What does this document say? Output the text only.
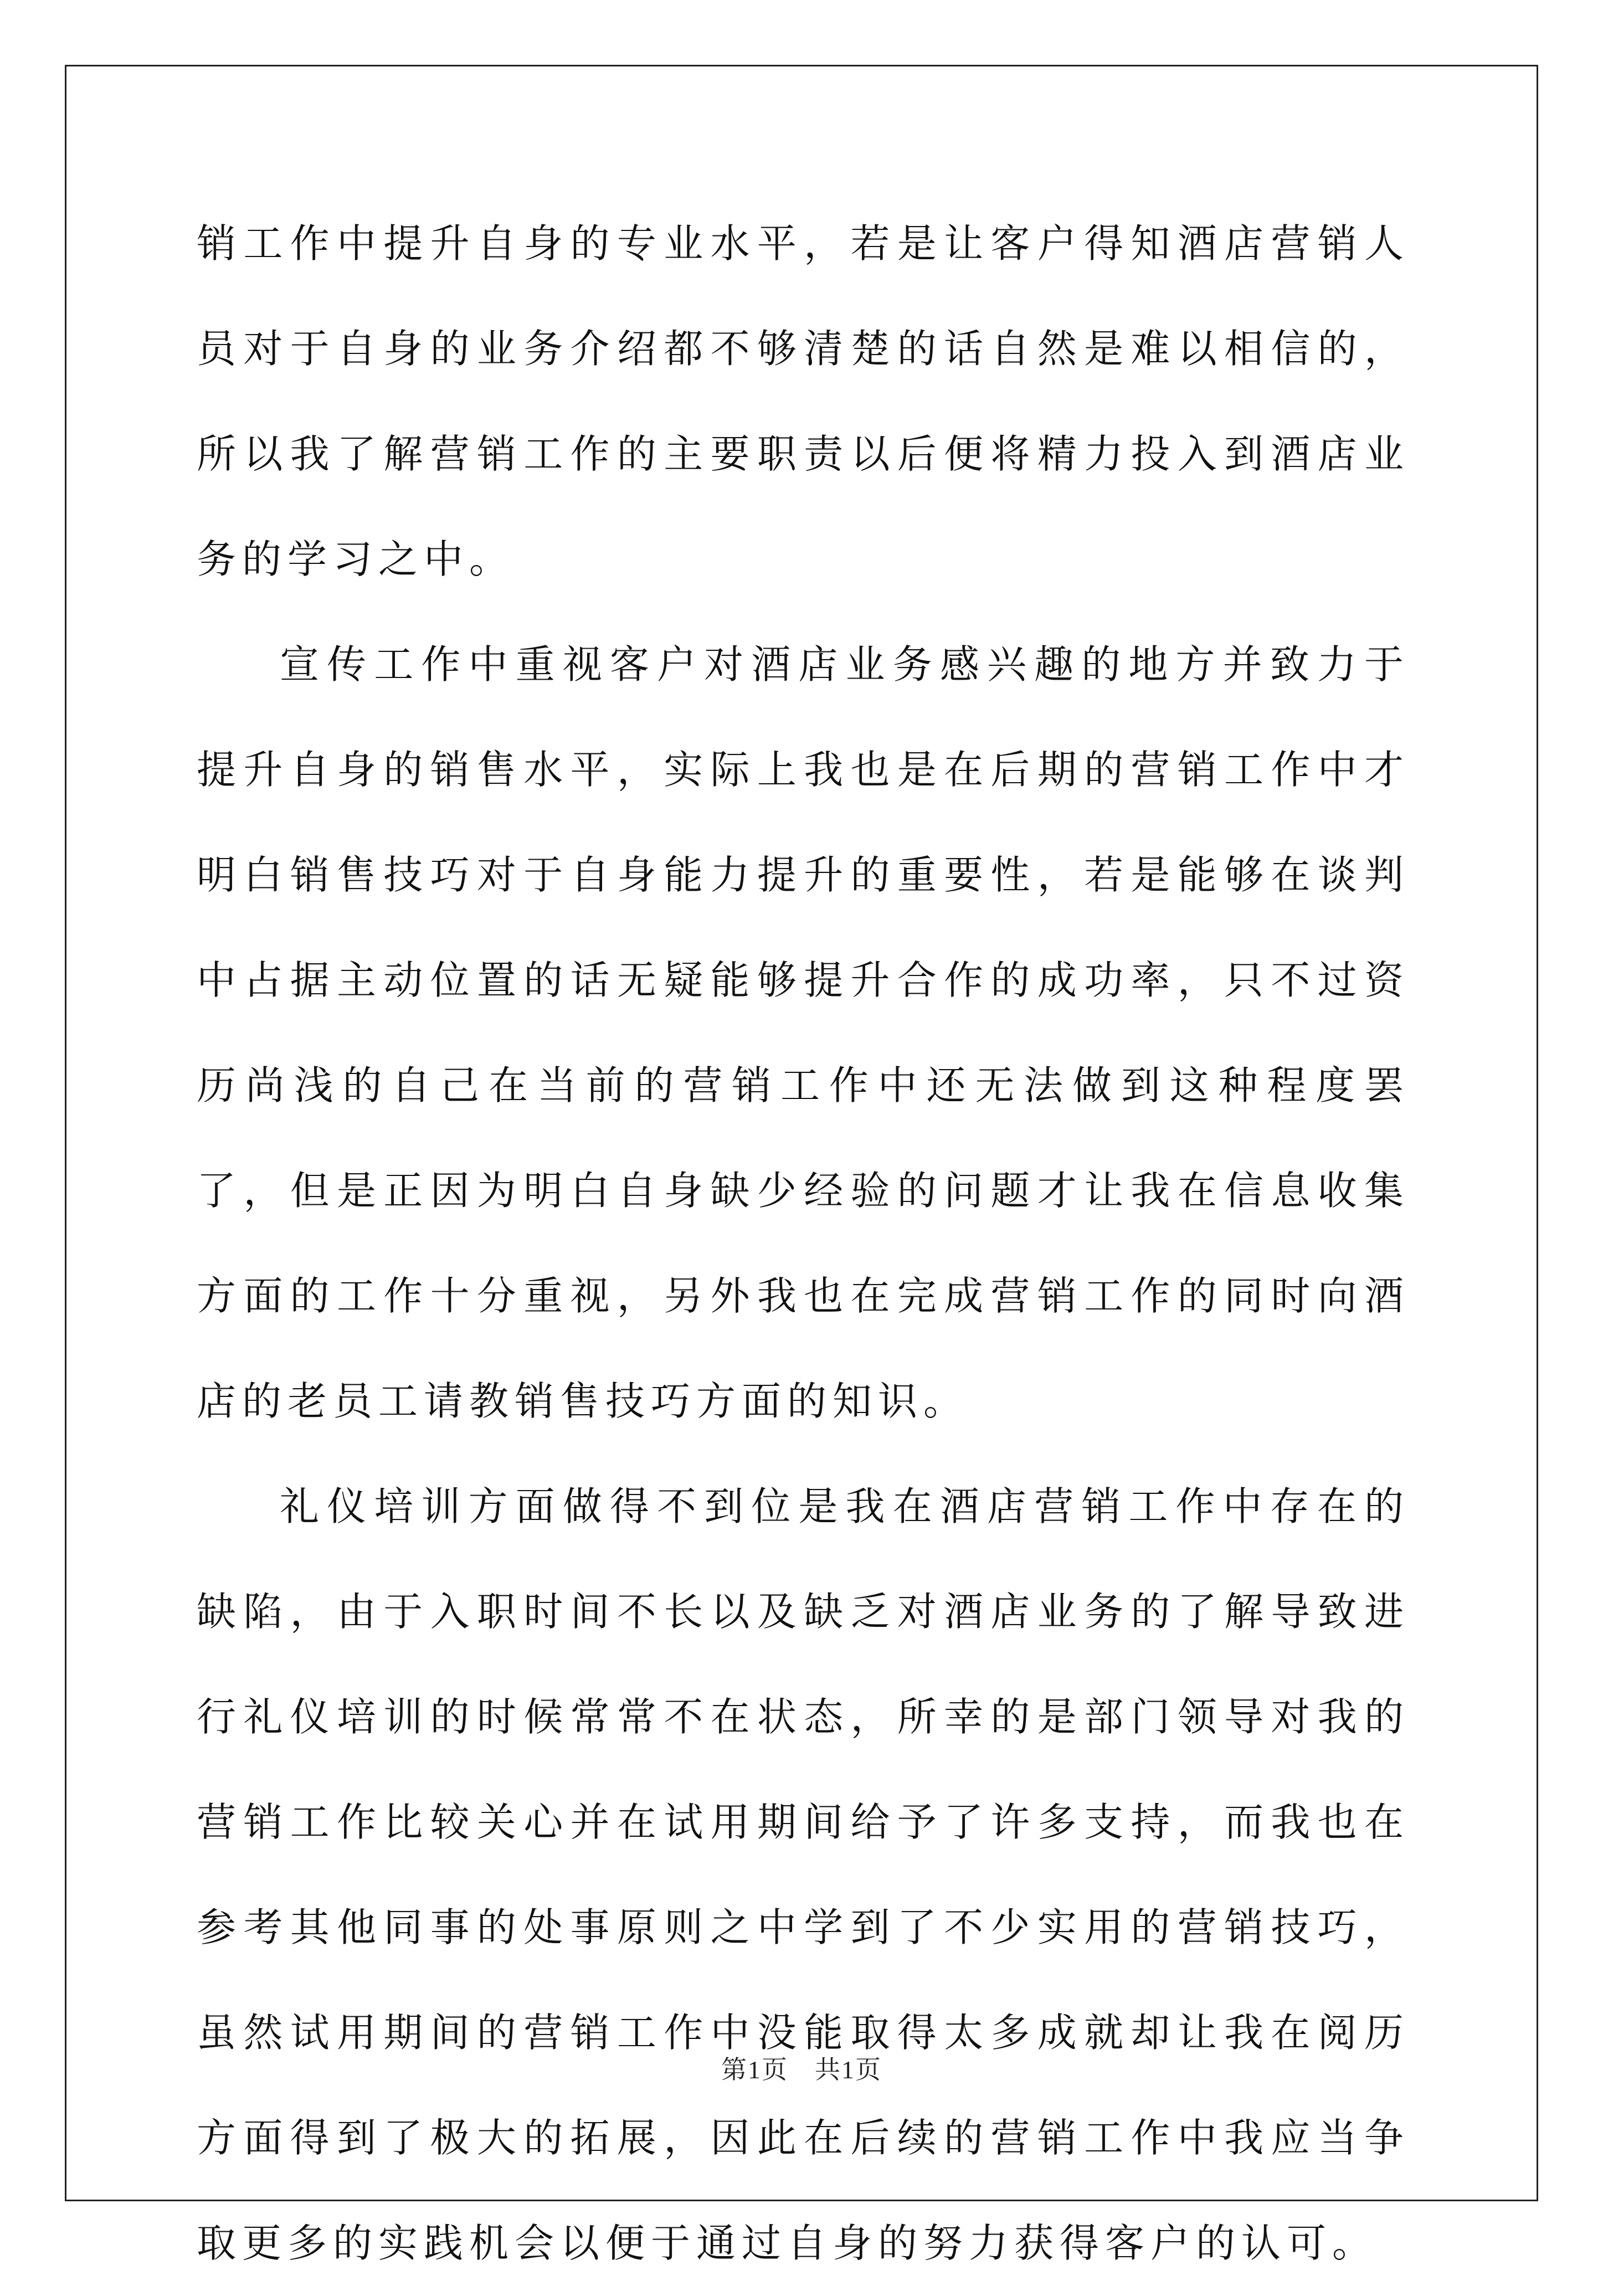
销工作中提升自身的专业水平，若是让客户得知酒店营销人员对于自身的业务介绍都不够清楚的话自然是难以相信的，所以我了解营销工作的主要职责以后便将精力投入到酒店业务的学习之中。

宣传工作中重视客户对酒店业务感兴趣的地方并致力于提升自身的销售水平，实际上我也是在后期的营销工作中才明白销售技巧对于自身能力提升的重要性，若是能够在谈判中占据主动位置的话无疑能够提升合作的成功率，只不过资历尚浅的自己在当前的营销工作中还无法做到这种程度罢了，但是正因为明白自身缺少经验的问题才让我在信息收集方面的工作十分重视，另外我也在完成营销工作的同时向酒店的老员工请教销售技巧方面的知识。

礼仪培训方面做得不到位是我在酒店营销工作中存在的缺陷，由于入职时间不长以及缺乏对酒店业务的了解导致进行礼仪培训的时候常常不在状态，所幸的是部门领导对我的营销工作比较关心并在试用期间给予了许多支持，而我也在参考其他同事的处事原则之中学到了不少实用的营销技巧，虽然试用期间的营销工作中没能取得太多成就却让我在阅历方面得到了极大的拓展，因此在后续的营销工作中我应当争取更多的实践机会以便于通过自身的努力获得客户的认可。

第1页 共1页
